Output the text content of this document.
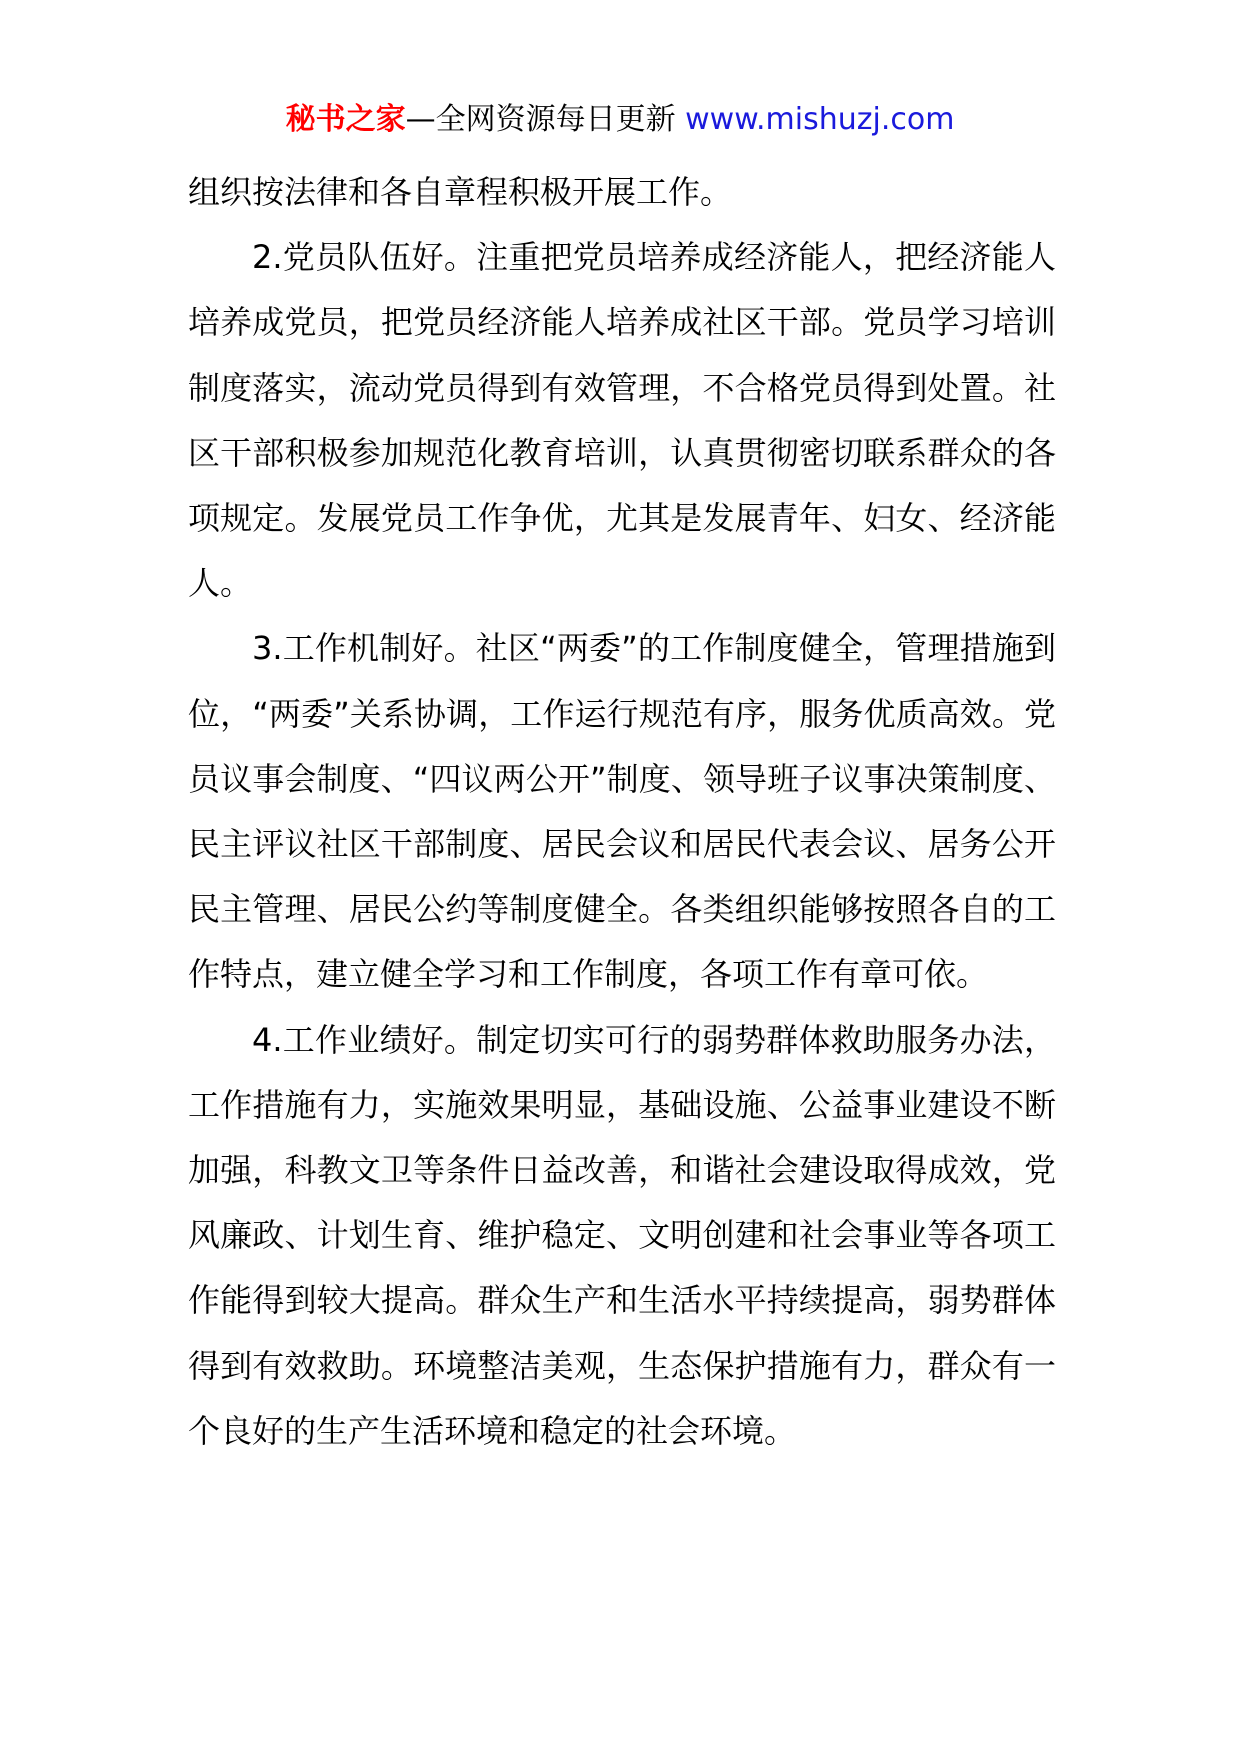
秘书之家—全网资源每日更新 www.mishuzj.com

组织按法律和各自章程积极开展工作。

2.党员队伍好。注重把党员培养成经济能人，把经济能人培养成党员，把党员经济能人培养成社区干部。党员学习培训制度落实，流动党员得到有效管理，不合格党员得到处置。社区干部积极参加规范化教育培训，认真贯彻密切联系群众的各项规定。发展党员工作争优，尤其是发展青年、妇女、经济能人。

3.工作机制好。社区“两委”的工作制度健全，管理措施到位，“两委”关系协调，工作运行规范有序，服务优质高效。党员议事会制度、“四议两公开”制度、领导班子议事决策制度、民主评议社区干部制度、居民会议和居民代表会议、居务公开民主管理、居民公约等制度健全。各类组织能够按照各自的工作特点，建立健全学习和工作制度，各项工作有章可依。

4.工作业绩好。制定切实可行的弱势群体救助服务办法，工作措施有力，实施效果明显，基础设施、公益事业建设不断加强，科教文卫等条件日益改善，和谐社会建设取得成效，党风廉政、计划生育、维护稳定、文明创建和社会事业等各项工作能得到较大提高。群众生产和生活水平持续提高，弱势群体得到有效救助。环境整洁美观，生态保护措施有力，群众有一个良好的生产生活环境和稳定的社会环境。
